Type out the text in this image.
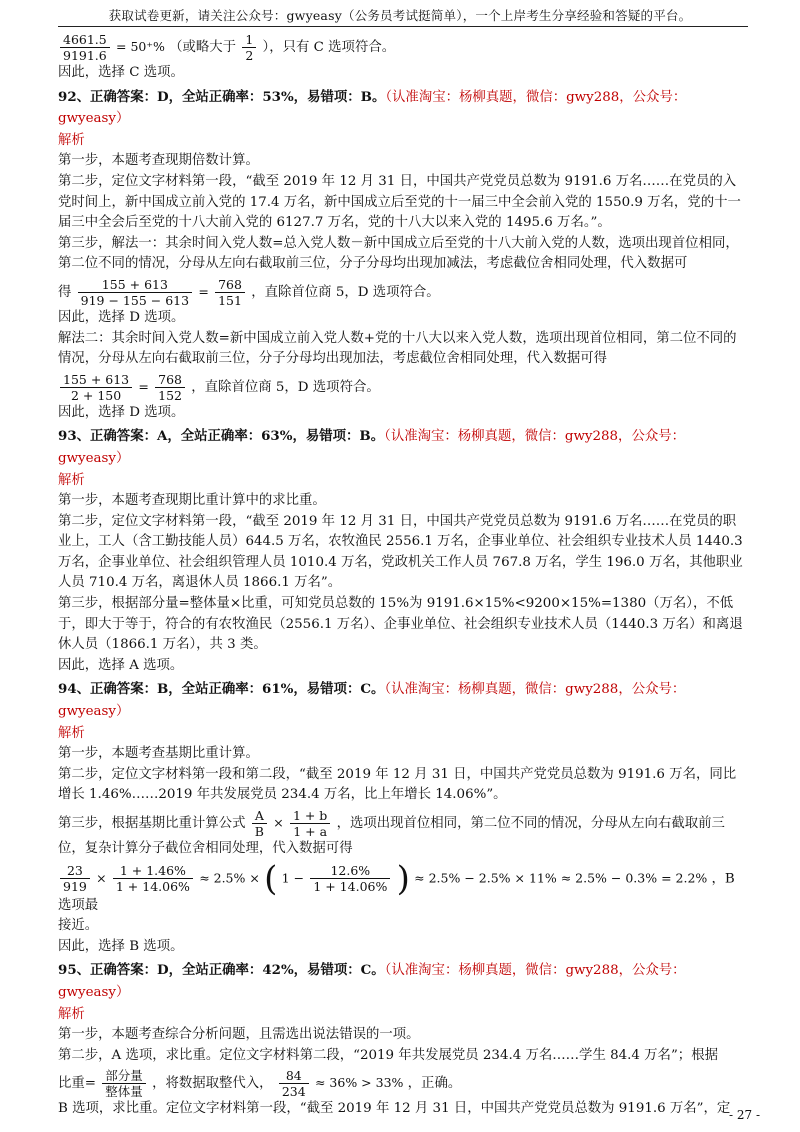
获取试卷更新，请关注公众号：gwyeasy（公务员考试挺简单），一个上岸考生分享经验和答疑的平台。

$\frac{4661.5}{9191.6} = 50^+\%$ （或略大于 $\frac{1}{2}$ ），只有 C 选项符合。

因此，选择 C 选项。

92、正确答案：D，全站正确率：53%，易错项：B。（认准淘宝：杨柳真题，微信：gwy288，公众号：gwyeasy）

解析

第一步，本题考查现期倍数计算。

第二步，定位文字材料第一段，“截至 2019 年 12 月 31 日，中国共产党党员总数为 9191.6 万名……在党员的入党时间上，新中国成立前入党的 17.4 万名，新中国成立后至党的十一届三中全会前入党的 1550.9 万名，党的十一届三中全会后至党的十八大前入党的 6127.7 万名，党的十八大以来入党的 1495.6 万名。”。

第三步，解法一：其余时间入党人数=总入党人数－新中国成立后至党的十八大前入党的人数，选项出现首位相同，第二位不同的情况，分母从左向右截取前三位，分子分母均出现加减法，考虑截位舍相同处理，代入数据可

得 $\frac{155 + 613}{919 - 155 - 613} = \frac{768}{151}$ ，直除首位商 5，D 选项符合。

因此，选择 D 选项。

解法二：其余时间入党人数=新中国成立前入党人数+党的十八大以来入党人数，选项出现首位相同，第二位不同的情况，分母从左向右截取前三位，分子分母均出现加法，考虑截位舍相同处理，代入数据可得

$\frac{155 + 613}{2 + 150} = \frac{768}{152}$ ，直除首位商 5，D 选项符合。

因此，选择 D 选项。

93、正确答案：A，全站正确率：63%，易错项：B。（认准淘宝：杨柳真题，微信：gwy288，公众号：gwyeasy）

解析

第一步，本题考查现期比重计算中的求比重。

第二步，定位文字材料第一段，“截至 2019 年 12 月 31 日，中国共产党党员总数为 9191.6 万名……在党员的职业上，工人（含工勤技能人员）644.5 万名，农牧渔民 2556.1 万名，企事业单位、社会组织专业技术人员 1440.3 万名，企事业单位、社会组织管理人员 1010.4 万名，党政机关工作人员 767.8 万名，学生 196.0 万名，其他职业人员 710.4 万名，离退休人员 1866.1 万名”。

第三步，根据部分量=整体量×比重，可知党员总数的 15%为 9191.6×15%<9200×15%=1380（万名），不低于，即大于等于，符合的有农牧渔民（2556.1 万名）、企事业单位、社会组织专业技术人员（1440.3 万名）和离退休人员（1866.1 万名），共 3 类。

因此，选择 A 选项。

94、正确答案：B，全站正确率：61%，易错项：C。（认准淘宝：杨柳真题，微信：gwy288，公众号：gwyeasy）

解析

第一步，本题考查基期比重计算。

第二步，定位文字材料第一段和第二段，“截至 2019 年 12 月 31 日，中国共产党党员总数为 9191.6 万名，同比增长 1.46%……2019 年共发展党员 234.4 万名，比上年增长 14.06%”。

第三步，根据基期比重计算公式 $\frac{A}{B} \times \frac{1 + b}{1 + a}$ ，选项出现首位相同，第二位不同的情况，分母从左向右截取前三位，复杂计算分子截位舍相同处理，代入数据可得

$\frac{23}{919} \times \frac{1 + 1.46\%}{1 + 14.06\%} \approx 2.5\%$ × ( $1 - \frac{12.6\%}{1 + 14.06\%}$ ) ≈ 2.5% − 2.5% × 11% ≈ 2.5% − 0.3% = 2.2% ，B 选项最

接近。

因此，选择 B 选项。

95、正确答案：D，全站正确率：42%，易错项：C。（认准淘宝：杨柳真题，微信：gwy288，公众号：gwyeasy）

解析

第一步，本题考查综合分析问题，且需选出说法错误的一项。

第二步，A 选项，求比重。定位文字材料第二段，“2019 年共发展党员 234.4 万名……学生 84.4 万名”；根据

比重= $\frac{\text{部分量}}{\text{整体量}}$ ，将数据取整代入， $\frac{84}{234} \approx 36\% > 33\%$ ，正确。

B 选项，求比重。定位文字材料第一段，“截至 2019 年 12 月 31 日，中国共产党党员总数为 9191.6 万名”，定

- 27 -
